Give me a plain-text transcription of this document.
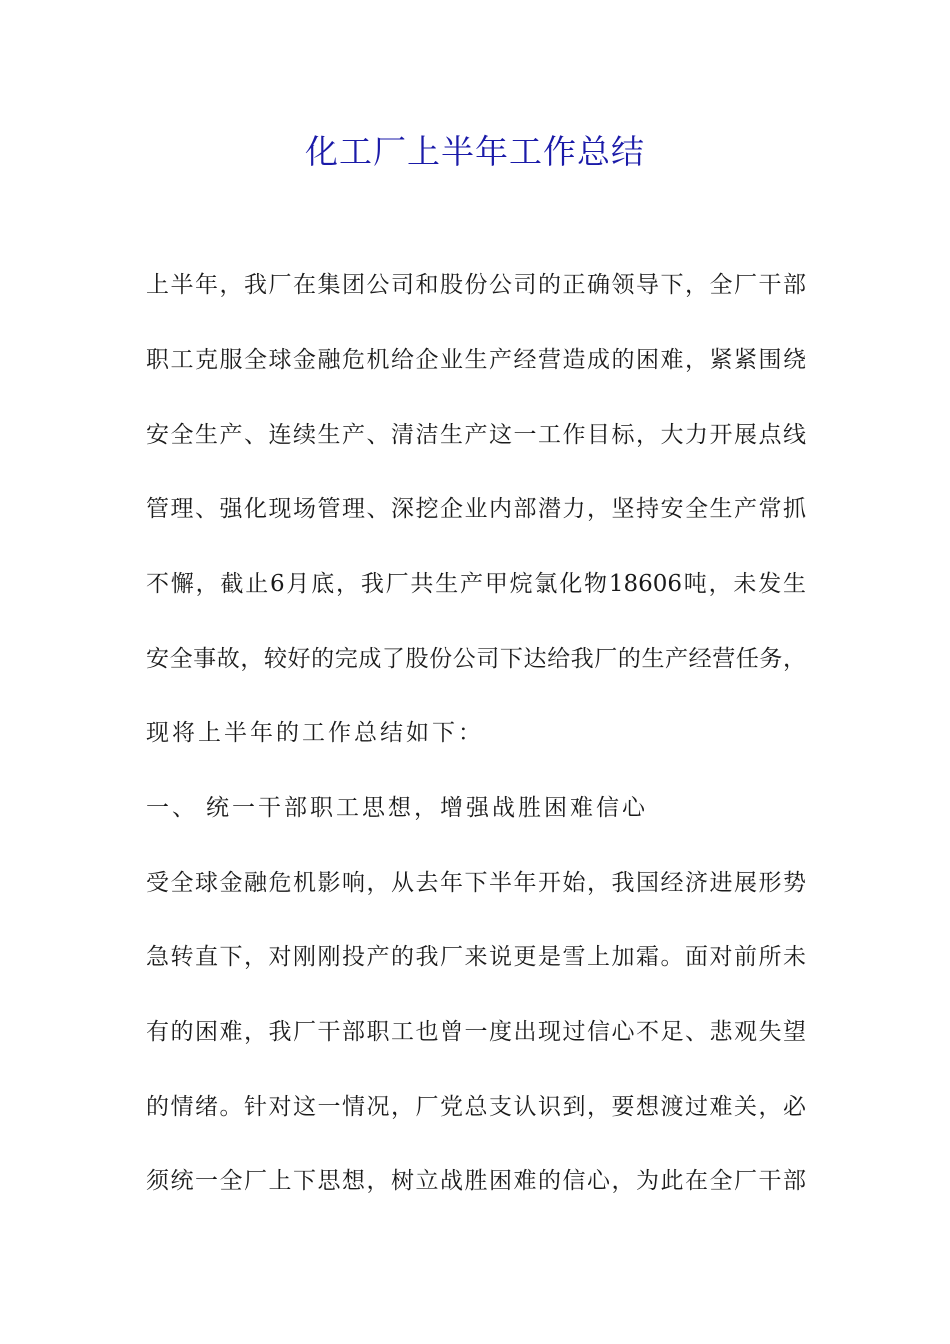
化工厂上半年工作总结
上半年，我厂在集团公司和股份公司的正确领导下，全厂干部
职工克服全球金融危机给企业生产经营造成的困难，紧紧围绕
安全生产、连续生产、清洁生产这一工作目标，大力开展点线
管理、强化现场管理、深挖企业内部潜力，坚持安全生产常抓
不懈，截止6月底，我厂共生产甲烷氯化物18606吨，未发生
安全事故，较好的完成了股份公司下达给我厂的生产经营任务，
现将上半年的工作总结如下：
一、 统一干部职工思想，增强战胜困难信心
受全球金融危机影响，从去年下半年开始，我国经济进展形势
急转直下，对刚刚投产的我厂来说更是雪上加霜。面对前所未
有的困难，我厂干部职工也曾一度出现过信心不足、悲观失望
的情绪。针对这一情况，厂党总支认识到，要想渡过难关，必
须统一全厂上下思想，树立战胜困难的信心，为此在全厂干部
